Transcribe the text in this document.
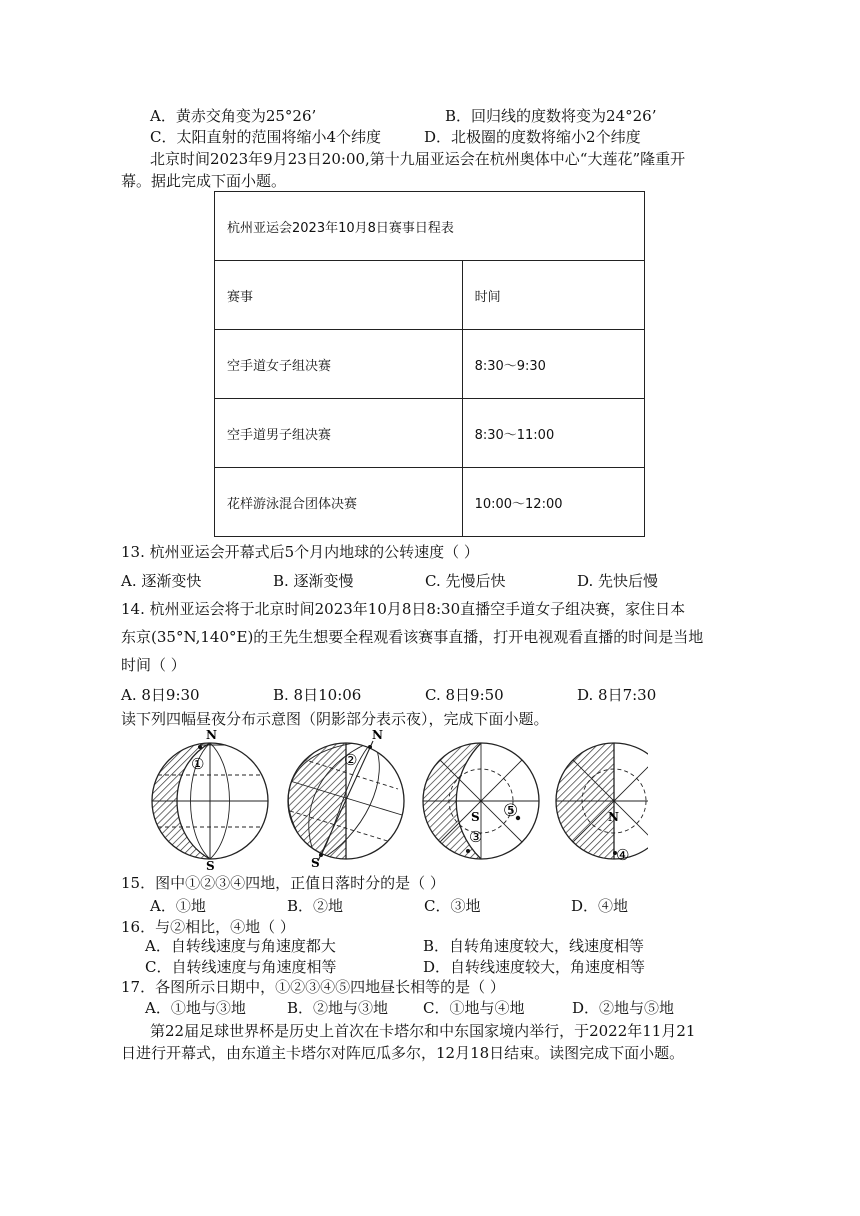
A．黄赤交角变为25°26’	B．回归线的度数将变为24°26’
C．太阳直射的范围将缩小4个纬度	D．北极圈的度数将缩小2个纬度
北京时间2023年9月23日20:00,第十九届亚运会在杭州奥体中心“大莲花”隆重开
幕。据此完成下面小题。
杭州亚运会2023年10月8日赛事日程表	
赛事	时间
空手道女子组决赛	8:30～9:30
空手道男子组决赛	8:30～11:00
花样游泳混合团体决赛	10:00～12:00
13. 杭州亚运会开幕式后5个月内地球的公转速度（ ）
A. 逐渐变快	B. 逐渐变慢	C. 先慢后快	D. 先快后慢
14. 杭州亚运会将于北京时间2023年10月8日8:30直播空手道女子组决赛，家住日本
东京(35°N,140°E)的王先生想要全程观看该赛事直播，打开电视观看直播的时间是当地
时间（ ）
A. 8日9:30	B. 8日10:06	C. 8日9:50	D. 8日7:30
读下列四幅昼夜分布示意图（阴影部分表示夜），完成下面小题。
N
S
①
N
S
②
S ⑤
③
N
④
15．图中①②③④四地，正值日落时分的是（ ）
A．①地	B．②地	C．③地	D．④地
16．与②相比，④地（ ）
A．自转线速度与角速度都大	B．自转角速度较大，线速度相等
C．自转线速度与角速度相等	D．自转线速度较大，角速度相等
17．各图所示日期中，①②③④⑤四地昼长相等的是（ ）
A．①地与③地	B．②地与③地 C．①地与④地	D．②地与⑤地
第22届足球世界杯是历史上首次在卡塔尔和中东国家境内举行，于2022年11月21
日进行开幕式，由东道主卡塔尔对阵厄瓜多尔，12月18日结束。读图完成下面小题。
